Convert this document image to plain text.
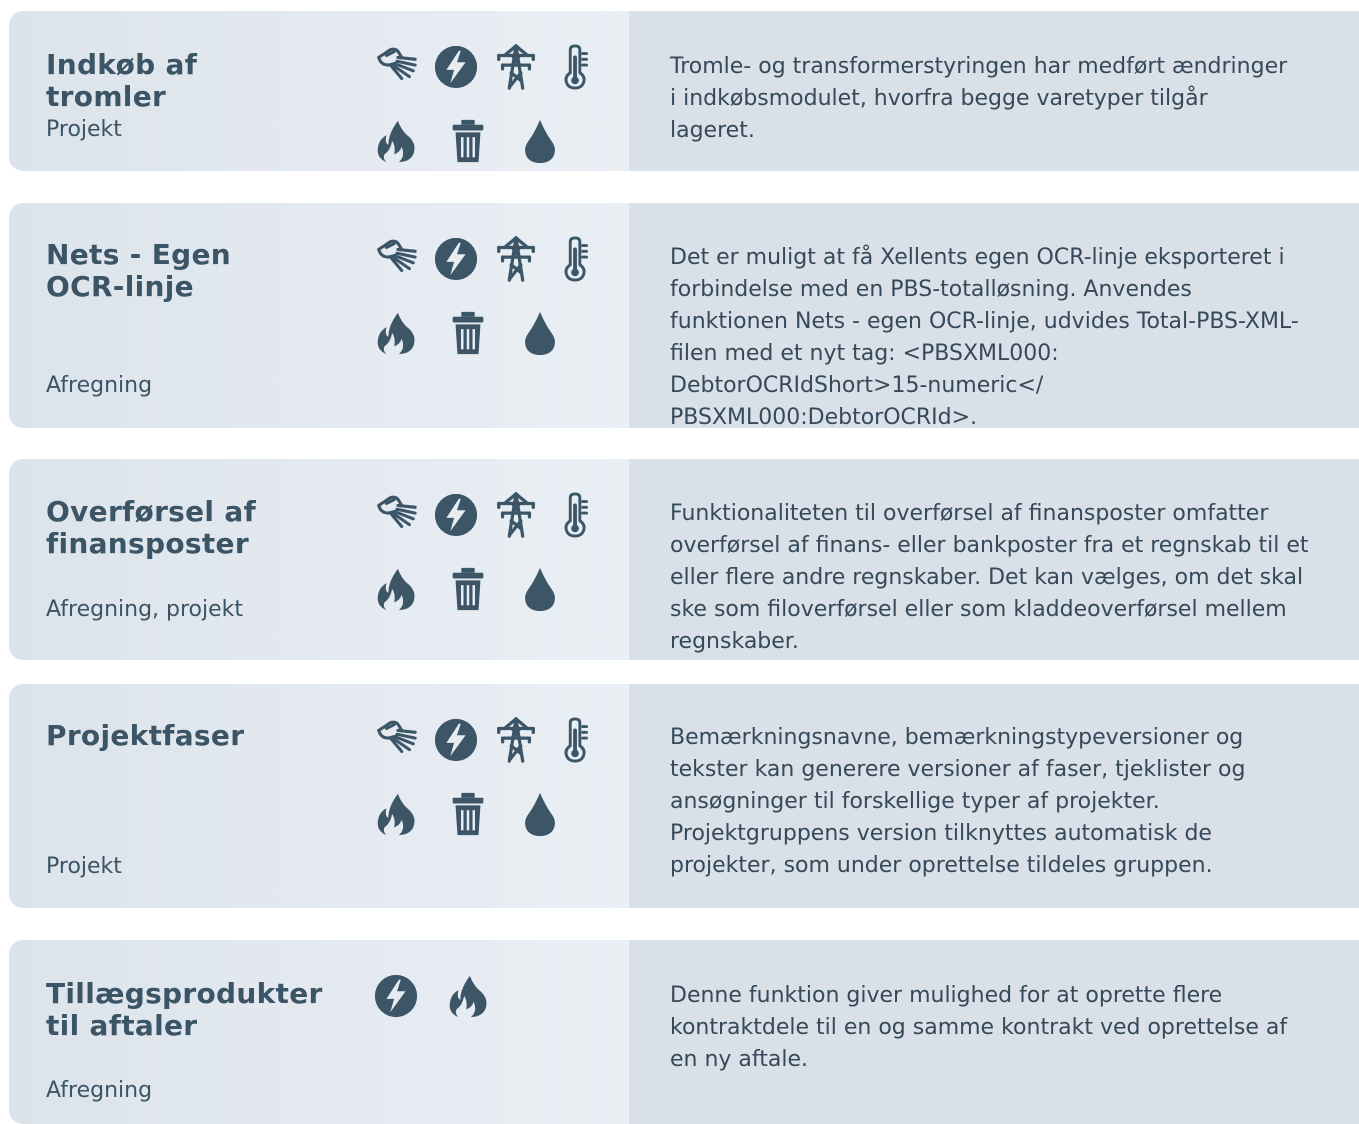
Indkøb af tromler

Projekt

Tromle- og transformerstyringen har medført ændringer i indkøbsmodulet, hvorfra begge varetyper tilgår lageret.

Nets - Egen OCR-linje

Afregning

Det er muligt at få Xellents egen OCR-linje eksporteret i forbindelse med en PBS-totalløsning. Anvendes funktionen Nets - egen OCR-linje, udvides Total-PBS-XML-filen med et nyt tag: <PBSXML000: DebtorOCRIdShort>15-numeric</ PBSXML000:DebtorOCRId>.

Overførsel af finansposter

Afregning, projekt

Funktionaliteten til overførsel af finansposter omfatter overførsel af finans- eller bankposter fra et regnskab til et eller flere andre regnskaber. Det kan vælges, om det skal ske som filoverførsel eller som kladdeoverførsel mellem regnskaber.

Projektfaser

Projekt

Bemærkningsnavne, bemærkningstypeversioner og tekster kan generere versioner af faser, tjeklister og ansøgninger til forskellige typer af projekter. Projektgruppens version tilknyttes automatisk de projekter, som under oprettelse tildeles gruppen.

Tillægsprodukter til aftaler

Afregning

Denne funktion giver mulighed for at oprette flere kontraktdele til en og samme kontrakt ved oprettelse af en ny aftale.
